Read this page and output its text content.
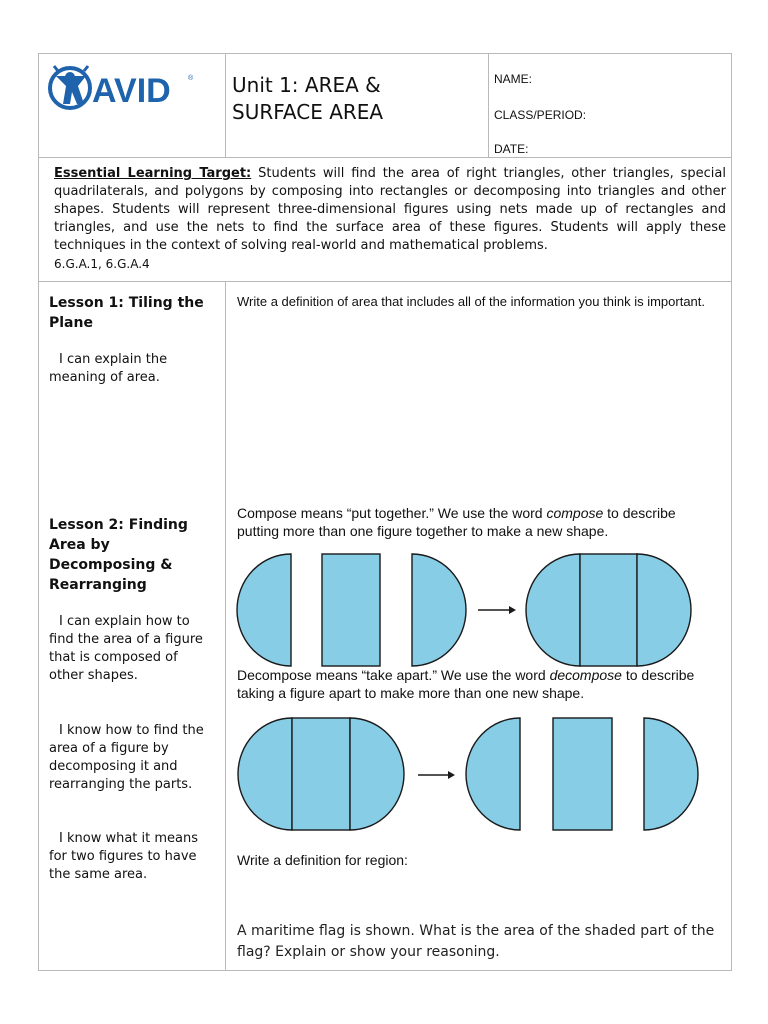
AVID ® Unit 1: AREA &
SURFACE AREA
NAME:
CLASS/PERIOD:
DATE:
Essential Learning Target: Students will find the area of right triangles, other triangles, special quadrilaterals, and polygons by composing into rectangles or decomposing into triangles and other shapes. Students will represent three-dimensional figures using nets made up of rectangles and triangles, and use the nets to find the surface area of these figures. Students will apply these techniques in the context of solving real-world and mathematical problems.
6.G.A.1, 6.G.A.4
Lesson 1: Tiling the Plane
I can explain the meaning of area.
Write a definition of area that includes all of the information you think is important.
Lesson 2: Finding Area by Decomposing & Rearranging
I can explain how to find the area of a figure that is composed of other shapes.
I know how to find the area of a figure by decomposing it and rearranging the parts.
I know what it means for two figures to have the same area.
Compose means “put together.” We use the word compose to describe putting more than one figure together to make a new shape.
Decompose means “take apart.” We use the word decompose to describe taking a figure apart to make more than one new shape.
Write a definition for region:
A maritime flag is shown. What is the area of the shaded part of the flag? Explain or show your reasoning.
